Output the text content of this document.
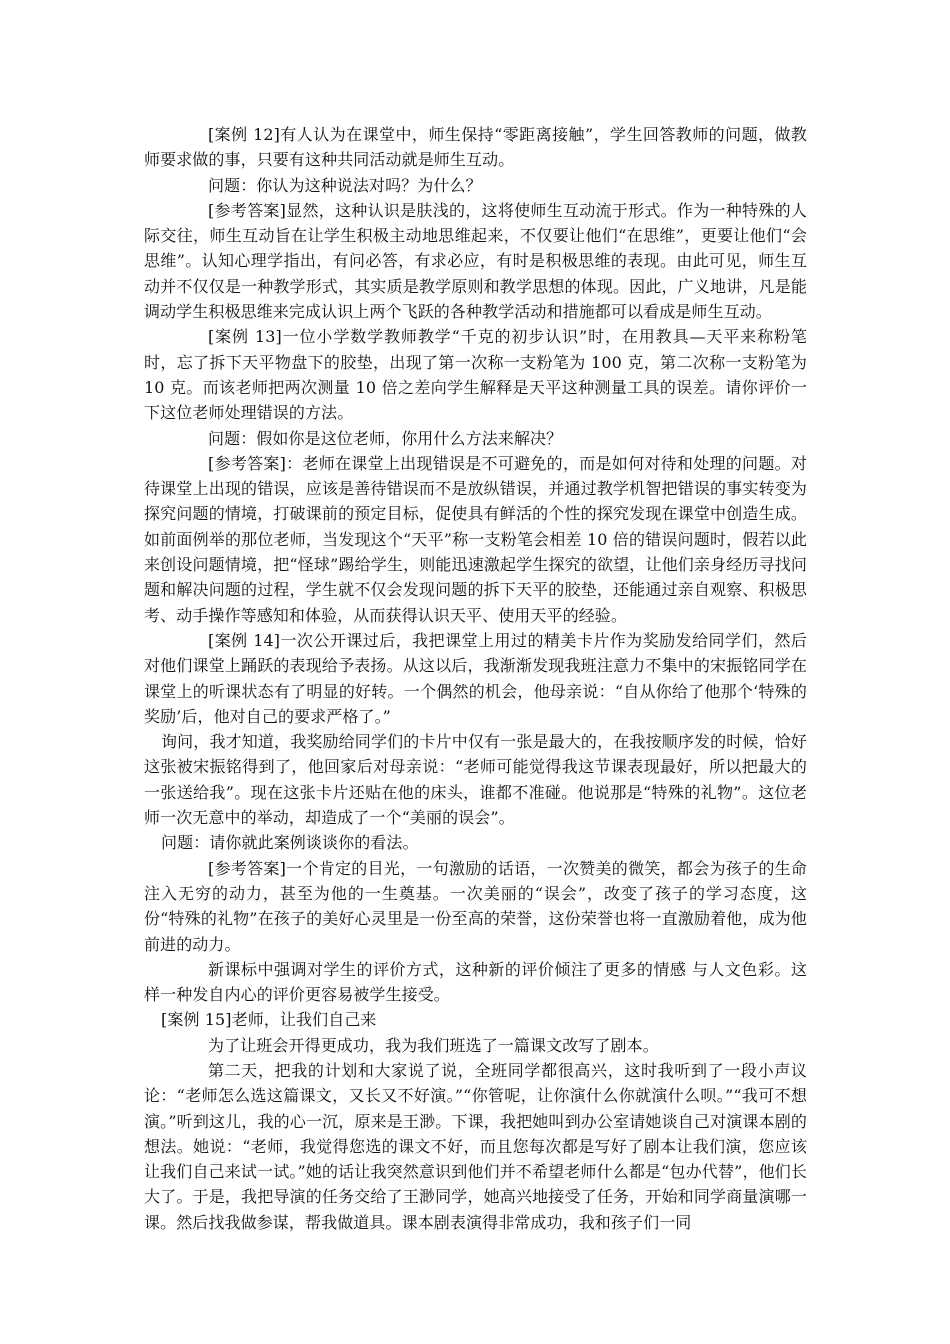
[案例 12]有人认为在课堂中，师生保持“零距离接触”，学生回答教师的问题，做教师要求做的事，只要有这种共同活动就是师生互动。

问题：你认为这种说法对吗？为什么？

[参考答案]显然，这种认识是肤浅的，这将使师生互动流于形式。作为一种特殊的人际交往，师生互动旨在让学生积极主动地思维起来，不仅要让他们“在思维”，更要让他们“会思维”。认知心理学指出，有问必答，有求必应，有时是积极思维的表现。由此可见，师生互动并不仅仅是一种教学形式，其实质是教学原则和教学思想的体现。因此，广义地讲，凡是能调动学生积极思维来完成认识上两个飞跃的各种教学活动和措施都可以看成是师生互动。

[案例 13]一位小学数学教师教学“千克的初步认识”时，在用教具—天平来称粉笔时，忘了拆下天平物盘下的胶垫，出现了第一次称一支粉笔为 100 克，第二次称一支粉笔为 10 克。而该老师把两次测量 10 倍之差向学生解释是天平这种测量工具的误差。请你评价一下这位老师处理错误的方法。

问题：假如你是这位老师，你用什么方法来解决？

[参考答案]：老师在课堂上出现错误是不可避免的，而是如何对待和处理的问题。对待课堂上出现的错误，应该是善待错误而不是放纵错误，并通过教学机智把错误的事实转变为探究问题的情境，打破课前的预定目标，促使具有鲜活的个性的探究发现在课堂中创造生成。如前面例举的那位老师，当发现这个“天平”称一支粉笔会相差 10 倍的错误问题时，假若以此来创设问题情境，把“怪球”踢给学生，则能迅速激起学生探究的欲望，让他们亲身经历寻找问题和解决问题的过程，学生就不仅会发现问题的拆下天平的胶垫，还能通过亲自观察、积极思考、动手操作等感知和体验，从而获得认识天平、使用天平的经验。

[案例 14]一次公开课过后，我把课堂上用过的精美卡片作为奖励发给同学们，然后对他们课堂上踊跃的表现给予表扬。从这以后，我渐渐发现我班注意力不集中的宋振铭同学在课堂上的听课状态有了明显的好转。一个偶然的机会，他母亲说：“自从你给了他那个‘特殊的奖励’后，他对自己的要求严格了。”

询问，我才知道，我奖励给同学们的卡片中仅有一张是最大的，在我按顺序发的时候，恰好这张被宋振铭得到了，他回家后对母亲说：“老师可能觉得我这节课表现最好，所以把最大的一张送给我”。现在这张卡片还贴在他的床头，谁都不准碰。他说那是“特殊的礼物”。这位老师一次无意中的举动，却造成了一个“美丽的误会”。

问题：请你就此案例谈谈你的看法。

[参考答案]一个肯定的目光，一句激励的话语，一次赞美的微笑，都会为孩子的生命注入无穷的动力，甚至为他的一生奠基。一次美丽的“误会”，改变了孩子的学习态度，这份“特殊的礼物”在孩子的美好心灵里是一份至高的荣誉，这份荣誉也将一直激励着他，成为他前进的动力。

新课标中强调对学生的评价方式，这种新的评价倾注了更多的情感 与人文色彩。这样一种发自内心的评价更容易被学生接受。

[案例 15]老师，让我们自己来

为了让班会开得更成功，我为我们班选了一篇课文改写了剧本。

第二天，把我的计划和大家说了说，全班同学都很高兴，这时我听到了一段小声议论：“老师怎么选这篇课文，又长又不好演。”“你管呢，让你演什么你就演什么呗。”“我可不想演。”听到这儿，我的心一沉，原来是王渺。下课，我把她叫到办公室请她谈自己对演课本剧的想法。她说：“老师，我觉得您选的课文不好，而且您每次都是写好了剧本让我们演，您应该让我们自己来试一试。”她的话让我突然意识到他们并不希望老师什么都是“包办代替”，他们长大了。于是，我把导演的任务交给了王渺同学，她高兴地接受了任务，开始和同学商量演哪一课。然后找我做参谋，帮我做道具。课本剧表演得非常成功，我和孩子们一同
